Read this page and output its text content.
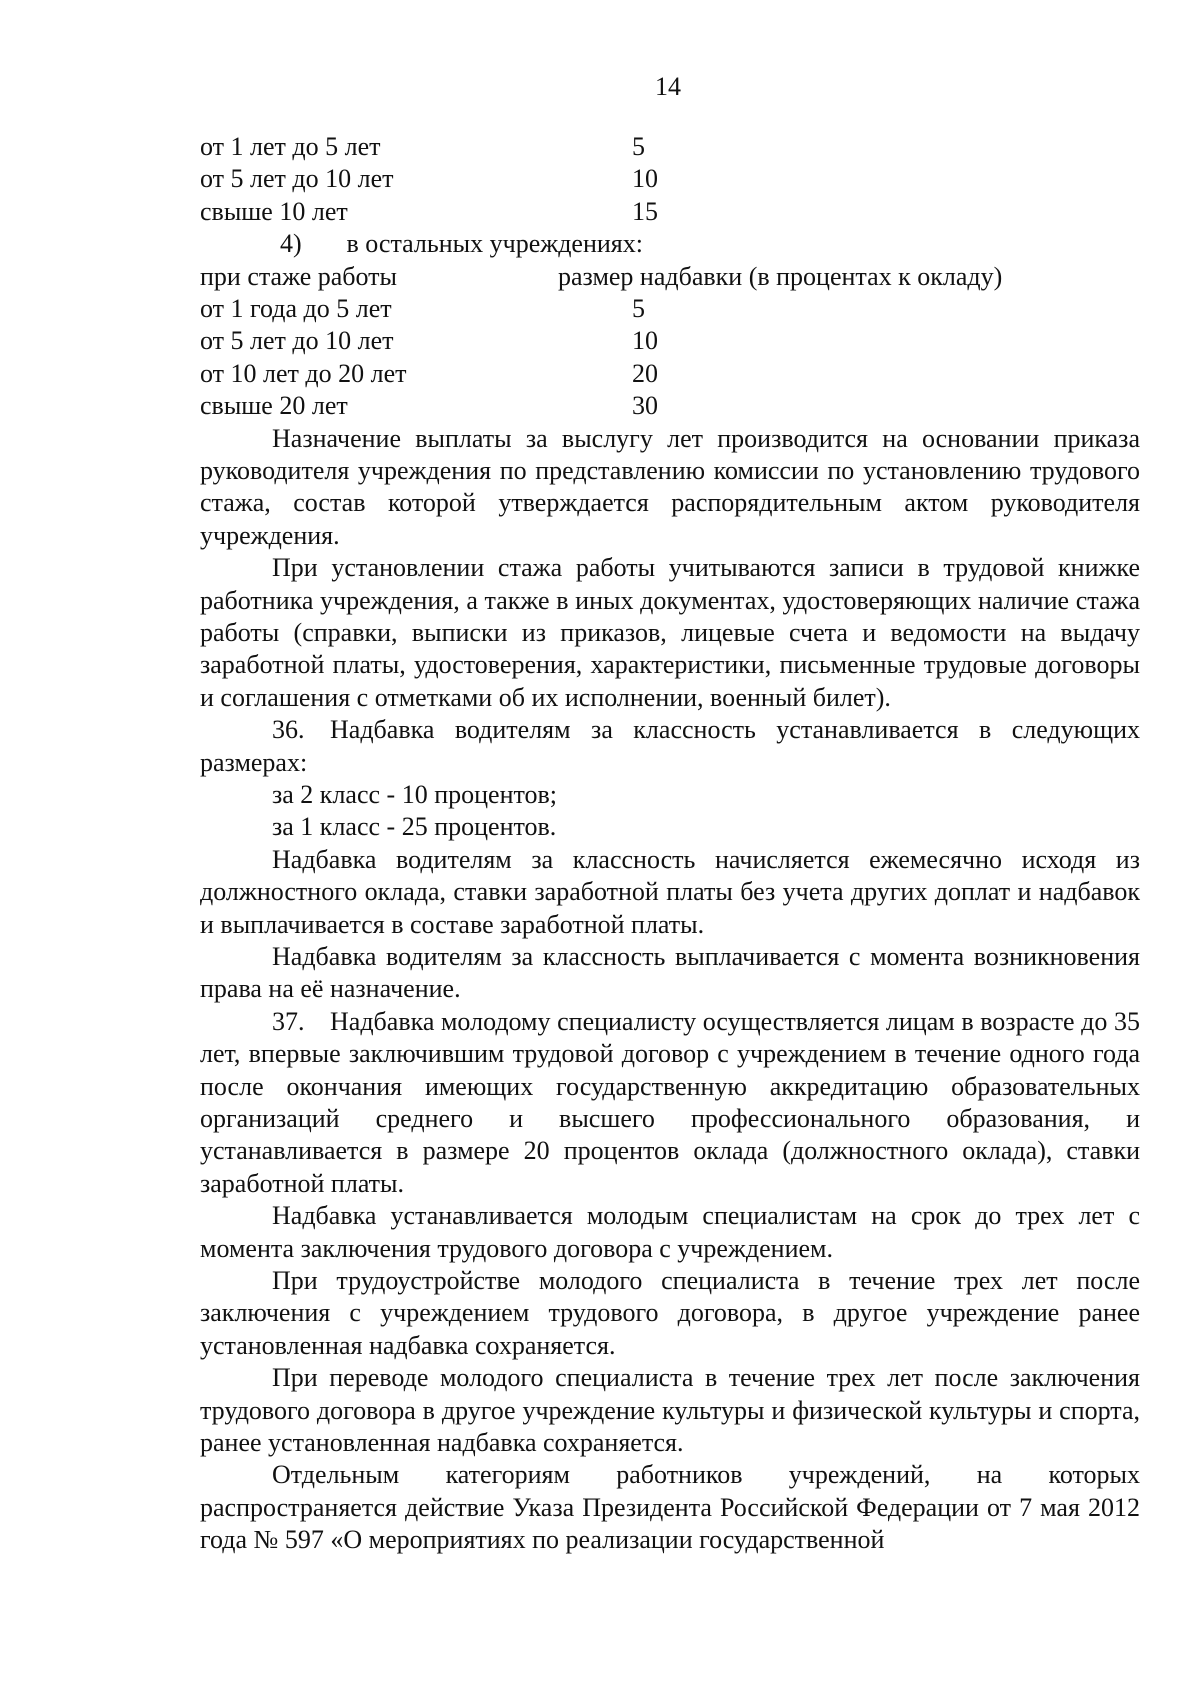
14
от 1 лет до 5 лет	5
от 5 лет до 10 лет	10
свыше 10 лет	15
4) в остальных учреждениях:
при стаже работы	размер надбавки (в процентах к окладу)
от 1 года до 5 лет	5
от 5 лет до 10 лет	10
от 10 лет до 20 лет	20
свыше 20 лет	30

Назначение выплаты за выслугу лет производится на основании приказа руководителя учреждения по представлению комиссии по установлению трудового стажа, состав которой утверждается распорядительным актом руководителя учреждения.

При установлении стажа работы учитываются записи в трудовой книжке работника учреждения, а также в иных документах, удостоверяющих наличие стажа работы (справки, выписки из приказов, лицевые счета и ведомости на выдачу заработной платы, удостоверения, характеристики, письменные трудовые договоры и соглашения с отметками об их исполнении, военный билет).

36. Надбавка водителям за классность устанавливается в следующих размерах:

за 2 класс - 10 процентов;
за 1 класс - 25 процентов.

Надбавка водителям за классность начисляется ежемесячно исходя из должностного оклада, ставки заработной платы без учета других доплат и надбавок и выплачивается в составе заработной платы.

Надбавка водителям за классность выплачивается с момента возникновения права на её назначение.

37. Надбавка молодому специалисту осуществляется лицам в возрасте до 35 лет, впервые заключившим трудовой договор с учреждением в течение одного года после окончания имеющих государственную аккредитацию образовательных организаций среднего и высшего профессионального образования, и устанавливается в размере 20 процентов оклада (должностного оклада), ставки заработной платы.

Надбавка устанавливается молодым специалистам на срок до трех лет с момента заключения трудового договора с учреждением.

При трудоустройстве молодого специалиста в течение трех лет после заключения с учреждением трудового договора, в другое учреждение ранее установленная надбавка сохраняется.

При переводе молодого специалиста в течение трех лет после заключения трудового договора в другое учреждение культуры и физической культуры и спорта, ранее установленная надбавка сохраняется.

Отдельным категориям работников учреждений, на которых распространяется действие Указа Президента Российской Федерации от 7 мая 2012 года № 597 «О мероприятиях по реализации государственной
